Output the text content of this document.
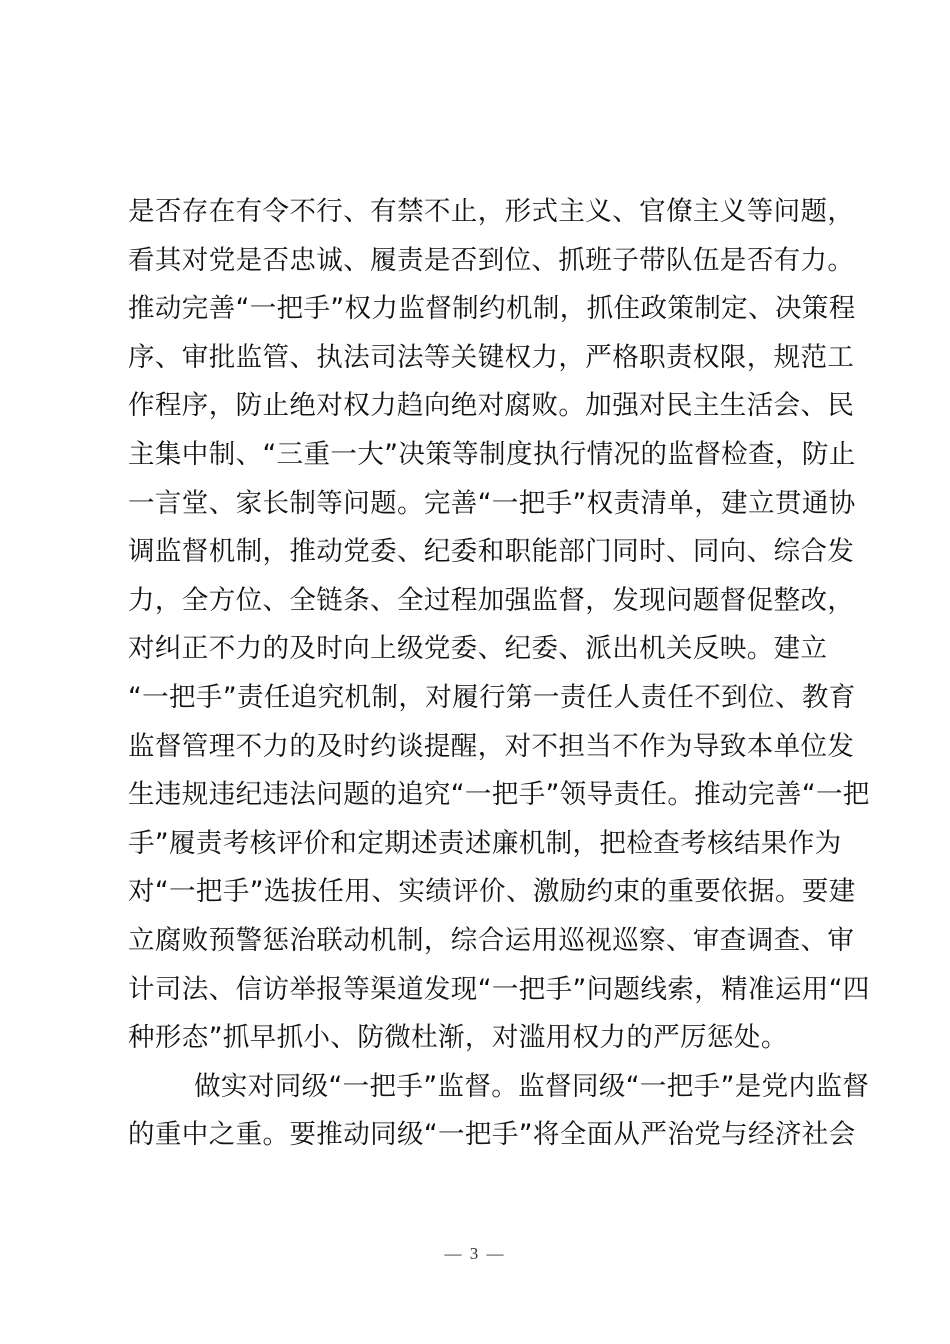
是否存在有令不行、有禁不止，形式主义、官僚主义等问题，
看其对党是否忠诚、履责是否到位、抓班子带队伍是否有力。
推动完善“一把手”权力监督制约机制，抓住政策制定、决策程
序、审批监管、执法司法等关键权力，严格职责权限，规范工
作程序，防止绝对权力趋向绝对腐败。加强对民主生活会、民
主集中制、“三重一大”决策等制度执行情况的监督检查，防止
一言堂、家长制等问题。完善“一把手”权责清单，建立贯通协
调监督机制，推动党委、纪委和职能部门同时、同向、综合发
力，全方位、全链条、全过程加强监督，发现问题督促整改，
对纠正不力的及时向上级党委、纪委、派出机关反映。建立
“一把手”责任追究机制，对履行第一责任人责任不到位、教育
监督管理不力的及时约谈提醒，对不担当不作为导致本单位发
生违规违纪违法问题的追究“一把手”领导责任。推动完善“一把
手”履责考核评价和定期述责述廉机制，把检查考核结果作为
对“一把手”选拔任用、实绩评价、激励约束的重要依据。要建
立腐败预警惩治联动机制，综合运用巡视巡察、审查调查、审
计司法、信访举报等渠道发现“一把手”问题线索，精准运用“四
种形态”抓早抓小、防微杜渐，对滥用权力的严厉惩处。
做实对同级“一把手”监督。监督同级“一把手”是党内监督
的重中之重。要推动同级“一把手”将全面从严治党与经济社会
— 3 —
